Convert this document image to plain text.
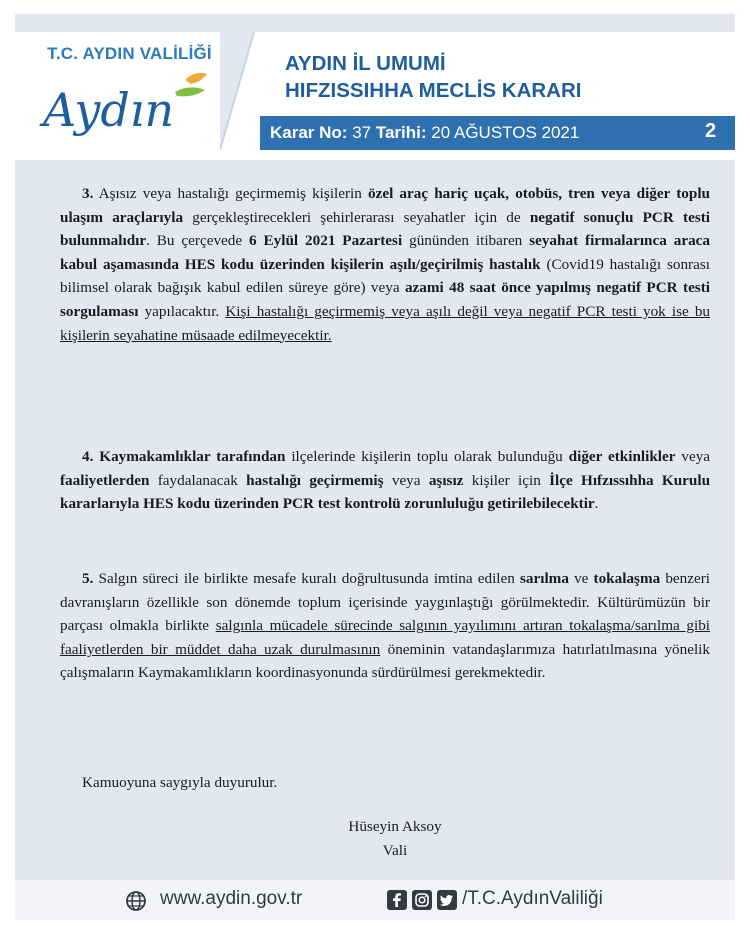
T.C. AYDIN VALİLİĞİ
Aydın
AYDIN İL UMUMİ
HIFZISSIHHA MECLİS KARARI
Karar No: 37 Tarihi: 20 AĞUSTOS 2021	2
3. Aşısız veya hastalığı geçirmemiş kişilerin özel araç hariç uçak, otobüs, tren veya diğer toplu ulaşım araçlarıyla gerçekleştirecekleri şehirlerarası seyahatler için de negatif sonuçlu PCR testi bulunmalıdır. Bu çerçevede 6 Eylül 2021 Pazartesi gününden itibaren seyahat firmalarınca araca kabul aşamasında HES kodu üzerinden kişilerin aşılı/geçirilmiş hastalık (Covid19 hastalığı sonrası bilimsel olarak bağışık kabul edilen süreye göre) veya azami 48 saat önce yapılmış negatif PCR testi sorgulaması yapılacaktır. Kişi hastalığı geçirmemiş veya aşılı değil veya negatif PCR testi yok ise bu kişilerin seyahatine müsaade edilmeyecektir.
4. Kaymakamlıklar tarafından ilçelerinde kişilerin toplu olarak bulunduğu diğer etkinlikler veya faaliyetlerden faydalanacak hastalığı geçirmemiş veya aşısız kişiler için İlçe Hıfzıssıhha Kurulu kararlarıyla HES kodu üzerinden PCR test kontrolü zorunluluğu getirilebilecektir.
5. Salgın süreci ile birlikte mesafe kuralı doğrultusunda imtina edilen sarılma ve tokalaşma benzeri davranışların özellikle son dönemde toplum içerisinde yaygınlaştığı görülmektedir. Kültürümüzün bir parçası olmakla birlikte salgınla mücadele sürecinde salgının yayılımını artıran tokalaşma/sarılma gibi faaliyetlerden bir müddet daha uzak durulmasının öneminin vatandaşlarımıza hatırlatılmasına yönelik çalışmaların Kaymakamlıkların koordinasyonunda sürdürülmesi gerekmektedir.
Kamuoyuna saygıyla duyurulur.
Hüseyin Aksoy
Vali
www.aydin.gov.tr	/T.C.AydınValiliği
